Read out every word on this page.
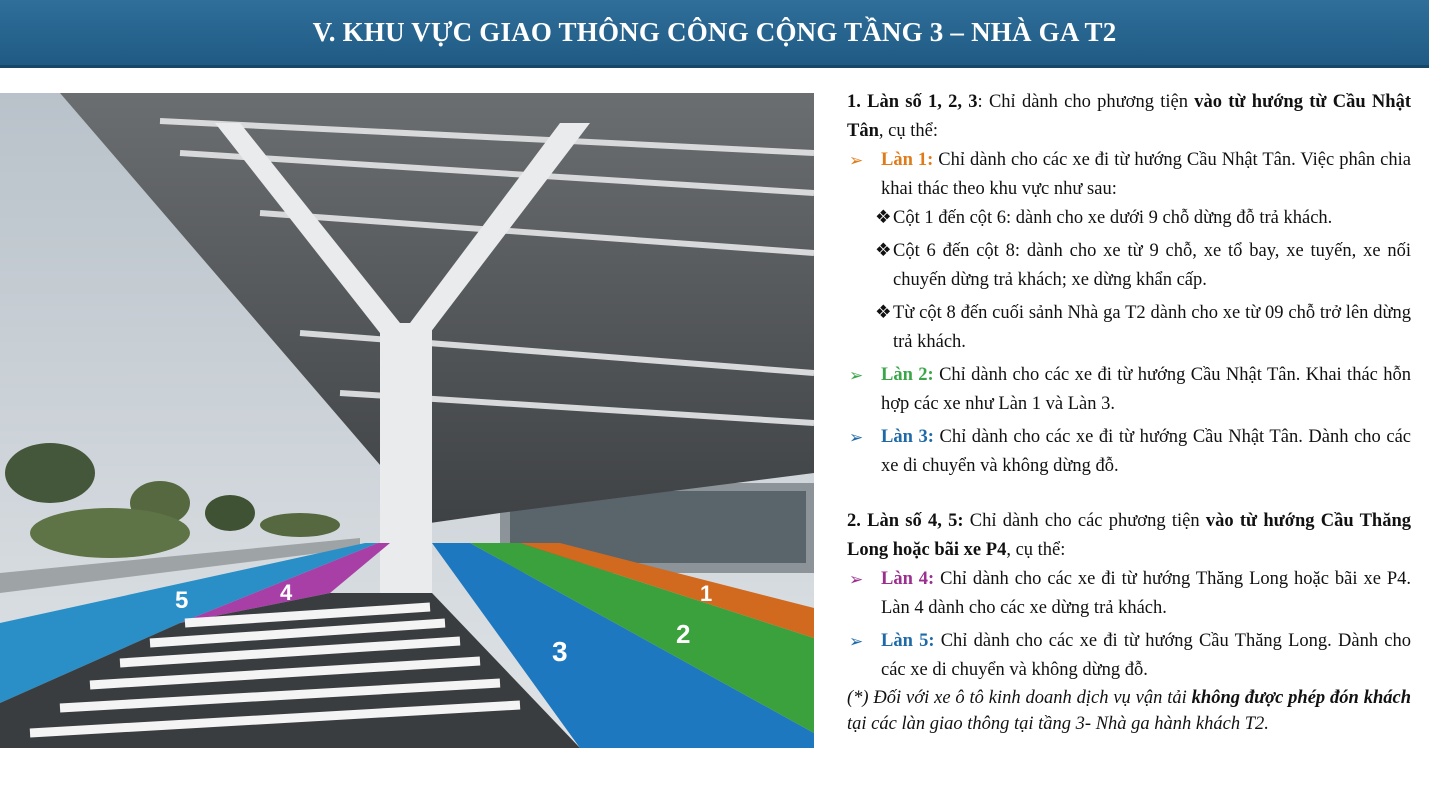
V. KHU VỰC GIAO THÔNG CÔNG CỘNG TẦNG 3 – NHÀ GA T2
1
2
3
4
5

1. Làn số 1, 2, 3: Chỉ dành cho phương tiện vào từ hướng từ Cầu Nhật Tân, cụ thể:

➢ Làn 1: Chỉ dành cho các xe đi từ hướng Cầu Nhật Tân. Việc phân chia khai thác theo khu vực như sau:

❖ Cột 1 đến cột 6: dành cho xe dưới 9 chỗ dừng đỗ trả khách.

❖ Cột 6 đến cột 8: dành cho xe từ 9 chỗ, xe tổ bay, xe tuyến, xe nối chuyến dừng trả khách; xe dừng khẩn cấp.

❖ Từ cột 8 đến cuối sảnh Nhà ga T2 dành cho xe từ 09 chỗ trở lên dừng trả khách.

➢ Làn 2: Chỉ dành cho các xe đi từ hướng Cầu Nhật Tân. Khai thác hỗn hợp các xe như Làn 1 và Làn 3.

➢ Làn 3: Chỉ dành cho các xe đi từ hướng Cầu Nhật Tân. Dành cho các xe di chuyển và không dừng đỗ.

2. Làn số 4, 5: Chỉ dành cho các phương tiện vào từ hướng Cầu Thăng Long hoặc bãi xe P4, cụ thể:

➢ Làn 4: Chỉ dành cho các xe đi từ hướng Thăng Long hoặc bãi xe P4. Làn 4 dành cho các xe dừng trả khách.

➢ Làn 5: Chỉ dành cho các xe đi từ hướng Cầu Thăng Long. Dành cho các xe di chuyển và không dừng đỗ.

(*) Đối với xe ô tô kinh doanh dịch vụ vận tải không được phép đón khách tại các làn giao thông tại tầng 3- Nhà ga hành khách T2.
